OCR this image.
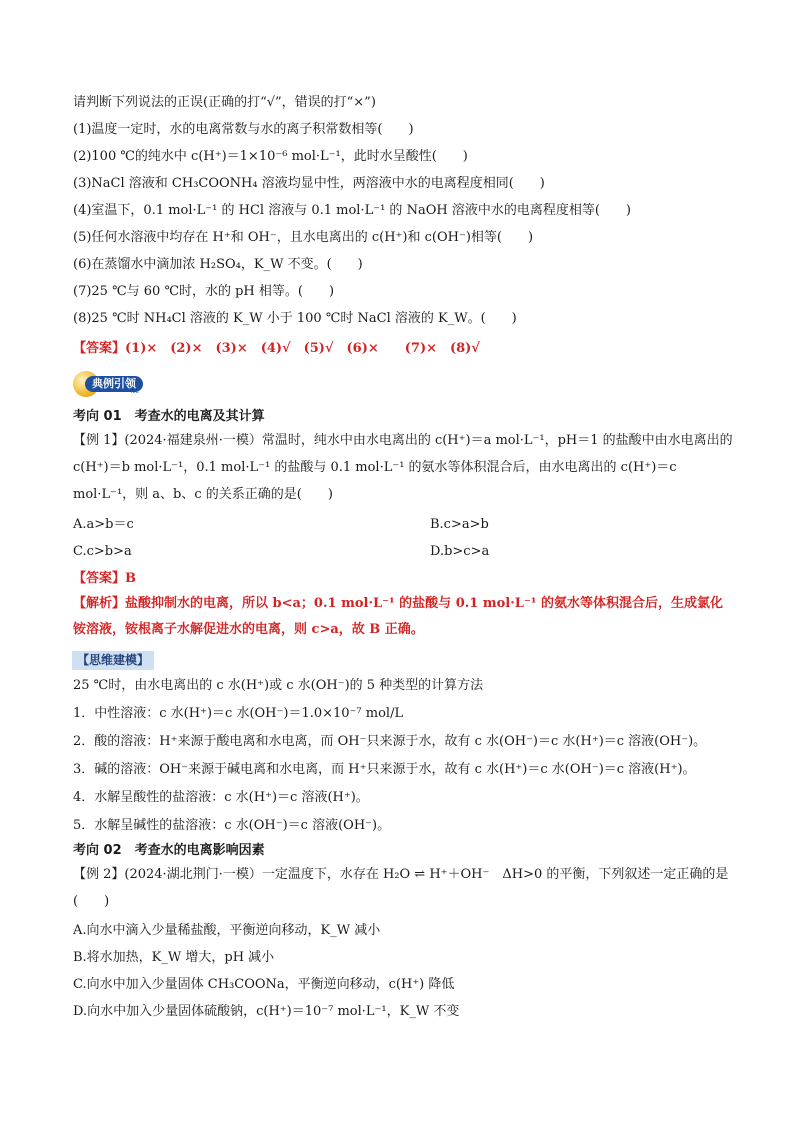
请判断下列说法的正误(正确的打“√”，错误的打“×”)
(1)温度一定时，水的电离常数与水的离子积常数相等(　　)
(2)100 ℃的纯水中 c(H⁺)＝1×10⁻⁶ mol·L⁻¹，此时水呈酸性(　　)
(3)NaCl 溶液和 CH₃COONH₄ 溶液均显中性，两溶液中水的电离程度相同(　　)
(4)室温下，0.1 mol·L⁻¹ 的 HCl 溶液与 0.1 mol·L⁻¹ 的 NaOH 溶液中水的电离程度相等(　　)
(5)任何水溶液中均存在 H⁺和 OH⁻，且水电离出的 c(H⁺)和 c(OH⁻)相等(　　)
(6)在蒸馏水中滴加浓 H₂SO₄，K_W 不变。(　　)
(7)25 ℃与 60 ℃时，水的 pH 相等。(　　)
(8)25 ℃时 NH₄Cl 溶液的 K_W 小于 100 ℃时 NaCl 溶液的 K_W。(　　)
【答案】(1)×　(2)×　(3)×　(4)√　(5)√　(6)×　　(7)×　(8)√
典例引领
IIIC
考向 01　考查水的电离及其计算
【例 1】(2024·福建泉州·一模）常温时，纯水中由水电离出的 c(H⁺)＝a mol·L⁻¹，pH＝1 的盐酸中由水电离出的 c(H⁺)＝b mol·L⁻¹，0.1 mol·L⁻¹ 的盐酸与 0.1 mol·L⁻¹ 的氨水等体积混合后，由水电离出的 c(H⁺)＝c mol·L⁻¹，则 a、b、c 的关系正确的是(　　)
A.a>b＝c	B.c>a>b
C.c>b>a	D.b>c>a
【答案】B
【解析】盐酸抑制水的电离，所以 b<a；0.1 mol·L⁻¹ 的盐酸与 0.1 mol·L⁻¹ 的氨水等体积混合后，生成氯化铵溶液，铵根离子水解促进水的电离，则 c>a，故 B 正确。
【思维建模】
25 ℃时，由水电离出的 c 水(H⁺)或 c 水(OH⁻)的 5 种类型的计算方法
1．中性溶液：c 水(H⁺)＝c 水(OH⁻)＝1.0×10⁻⁷ mol/L
2．酸的溶液：H⁺来源于酸电离和水电离，而 OH⁻只来源于水，故有 c 水(OH⁻)＝c 水(H⁺)＝c 溶液(OH⁻)。
3．碱的溶液：OH⁻来源于碱电离和水电离，而 H⁺只来源于水，故有 c 水(H⁺)＝c 水(OH⁻)＝c 溶液(H⁺)。
4．水解呈酸性的盐溶液：c 水(H⁺)＝c 溶液(H⁺)。
5．水解呈碱性的盐溶液：c 水(OH⁻)＝c 溶液(OH⁻)。
考向 02　考查水的电离影响因素
【例 2】(2024·湖北荆门·一模）一定温度下，水存在 H₂O ⇌ H⁺＋OH⁻　ΔH>0 的平衡，下列叙述一定正确的是(　　)
A.向水中滴入少量稀盐酸，平衡逆向移动，K_W 减小
B.将水加热，K_W 增大，pH 减小
C.向水中加入少量固体 CH₃COONa，平衡逆向移动，c(H⁺) 降低
D.向水中加入少量固体硫酸钠，c(H⁺)＝10⁻⁷ mol·L⁻¹，K_W 不变
